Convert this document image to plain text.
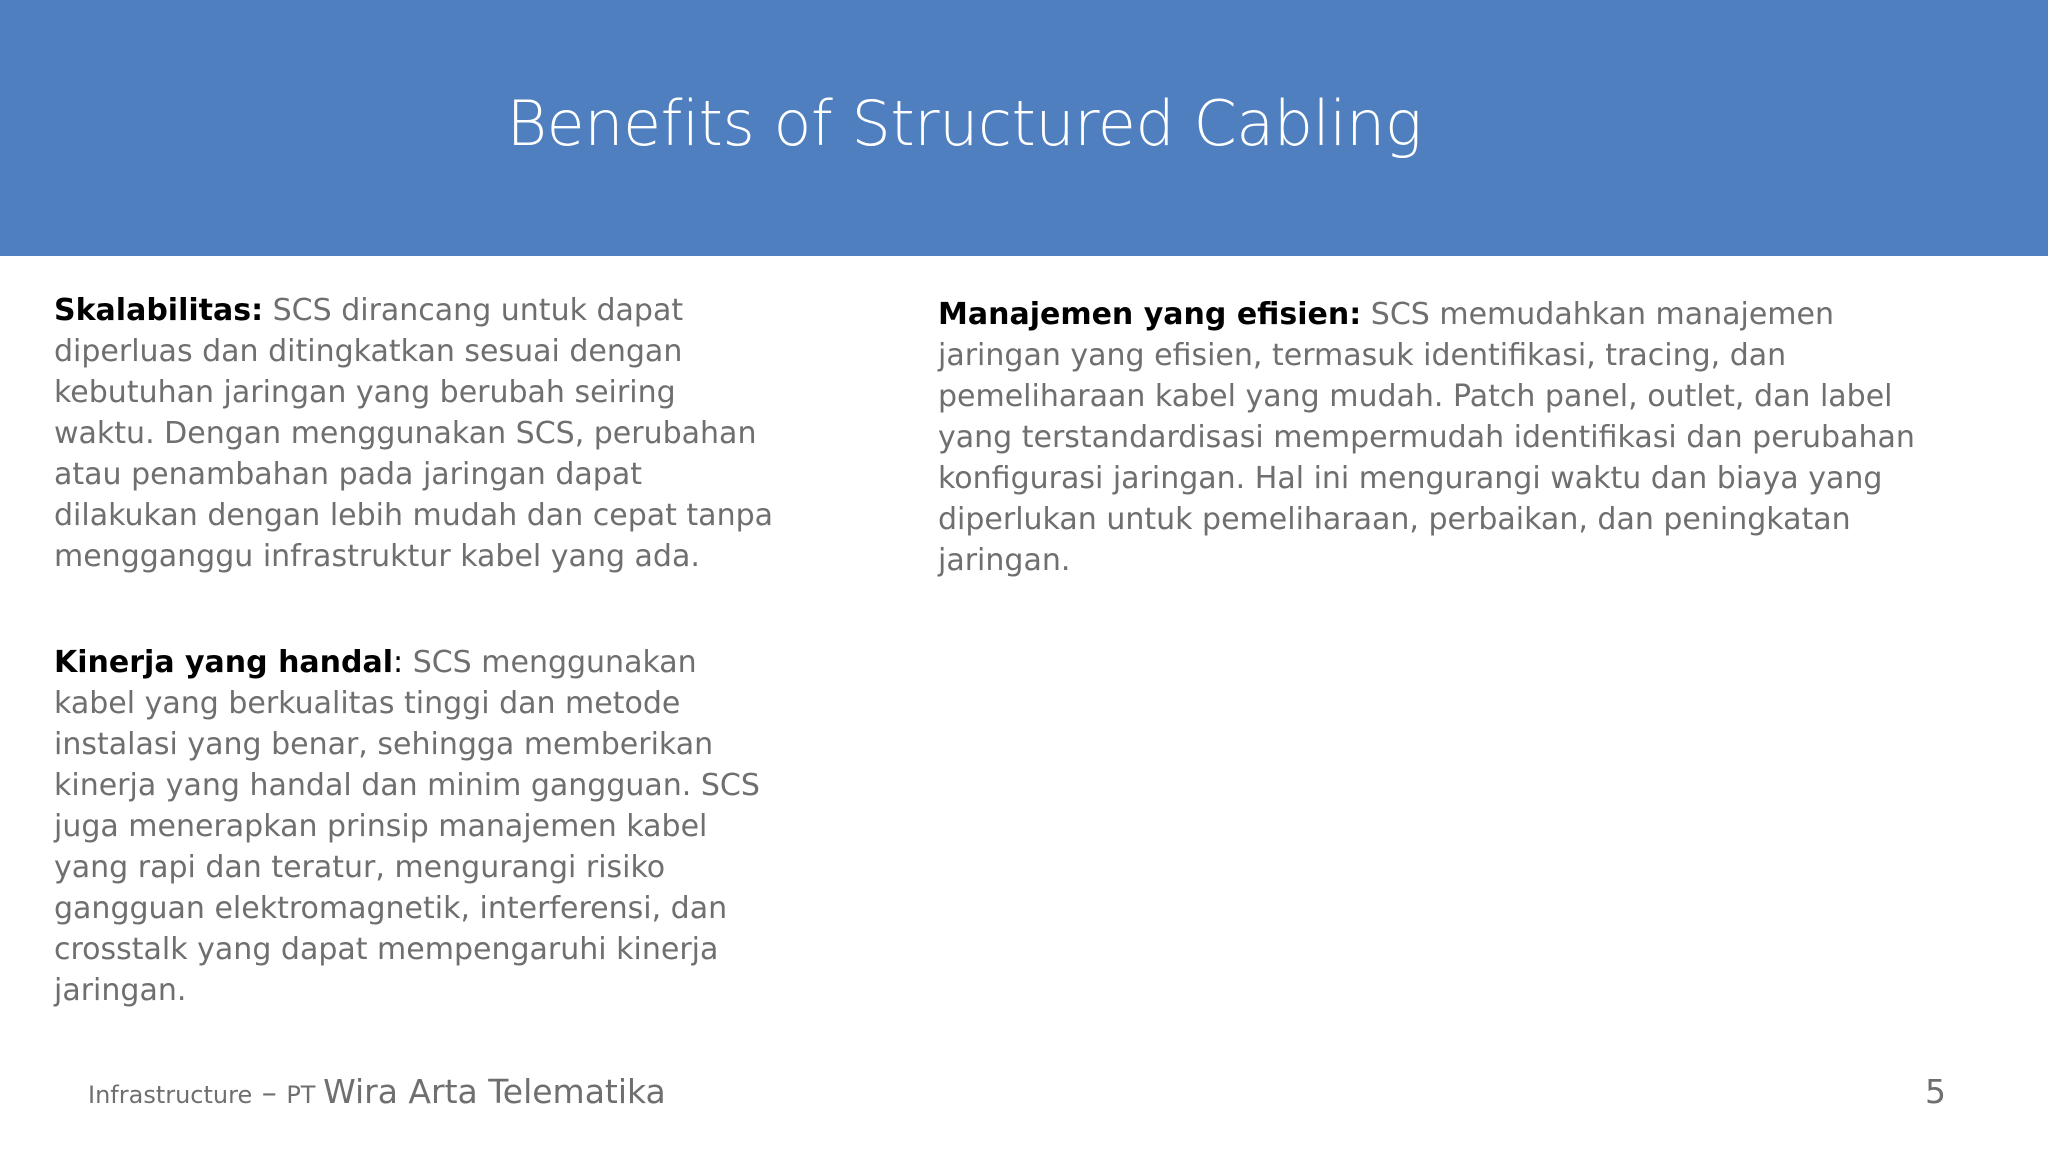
Benefits of Structured Cabling
Skalabilitas: SCS dirancang untuk dapat diperluas dan ditingkatkan sesuai dengan kebutuhan jaringan yang berubah seiring waktu. Dengan menggunakan SCS, perubahan atau penambahan pada jaringan dapat dilakukan dengan lebih mudah dan cepat tanpa mengganggu infrastruktur kabel yang ada.
Kinerja yang handal: SCS menggunakan kabel yang berkualitas tinggi dan metode instalasi yang benar, sehingga memberikan kinerja yang handal dan minim gangguan. SCS juga menerapkan prinsip manajemen kabel yang rapi dan teratur, mengurangi risiko gangguan elektromagnetik, interferensi, dan crosstalk yang dapat mempengaruhi kinerja jaringan.
Manajemen yang efisien: SCS memudahkan manajemen jaringan yang efisien, termasuk identifikasi, tracing, dan pemeliharaan kabel yang mudah. Patch panel, outlet, dan label yang terstandardisasi mempermudah identifikasi dan perubahan konfigurasi jaringan. Hal ini mengurangi waktu dan biaya yang diperlukan untuk pemeliharaan, perbaikan, dan peningkatan jaringan.
Infrastructure – PT Wira Arta Telematika	5
